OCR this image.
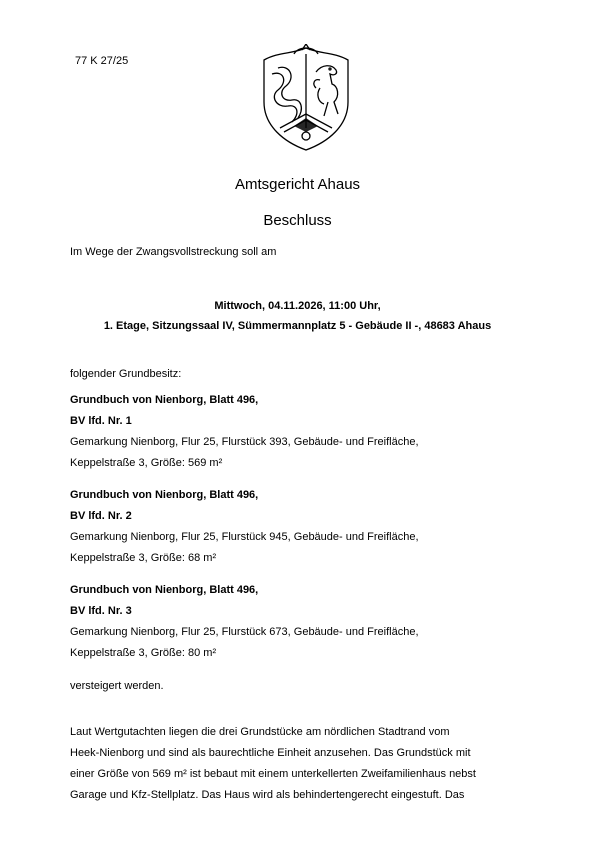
77 K 27/25
Amtsgericht Ahaus
Beschluss
Im Wege der Zwangsvollstreckung soll am
Mittwoch, 04.11.2026, 11:00 Uhr,
1. Etage, Sitzungssaal IV, Sümmermannplatz 5 - Gebäude II -, 48683 Ahaus
folgender Grundbesitz:
Grundbuch von Nienborg, Blatt 496,
BV lfd. Nr. 1
Gemarkung Nienborg, Flur 25, Flurstück 393, Gebäude- und Freifläche,
Keppelstraße 3, Größe: 569 m²
Grundbuch von Nienborg, Blatt 496,
BV lfd. Nr. 2
Gemarkung Nienborg, Flur 25, Flurstück 945, Gebäude- und Freifläche,
Keppelstraße 3, Größe: 68 m²
Grundbuch von Nienborg, Blatt 496,
BV lfd. Nr. 3
Gemarkung Nienborg, Flur 25, Flurstück 673, Gebäude- und Freifläche,
Keppelstraße 3, Größe: 80 m²
versteigert werden.
Laut Wertgutachten liegen die drei Grundstücke am nördlichen Stadtrand vom
Heek-Nienborg und sind als baurechtliche Einheit anzusehen. Das Grundstück mit
einer Größe von 569 m² ist bebaut mit einem unterkellerten Zweifamilienhaus nebst
Garage und Kfz-Stellplatz. Das Haus wird als behindertengerecht eingestuft. Das
